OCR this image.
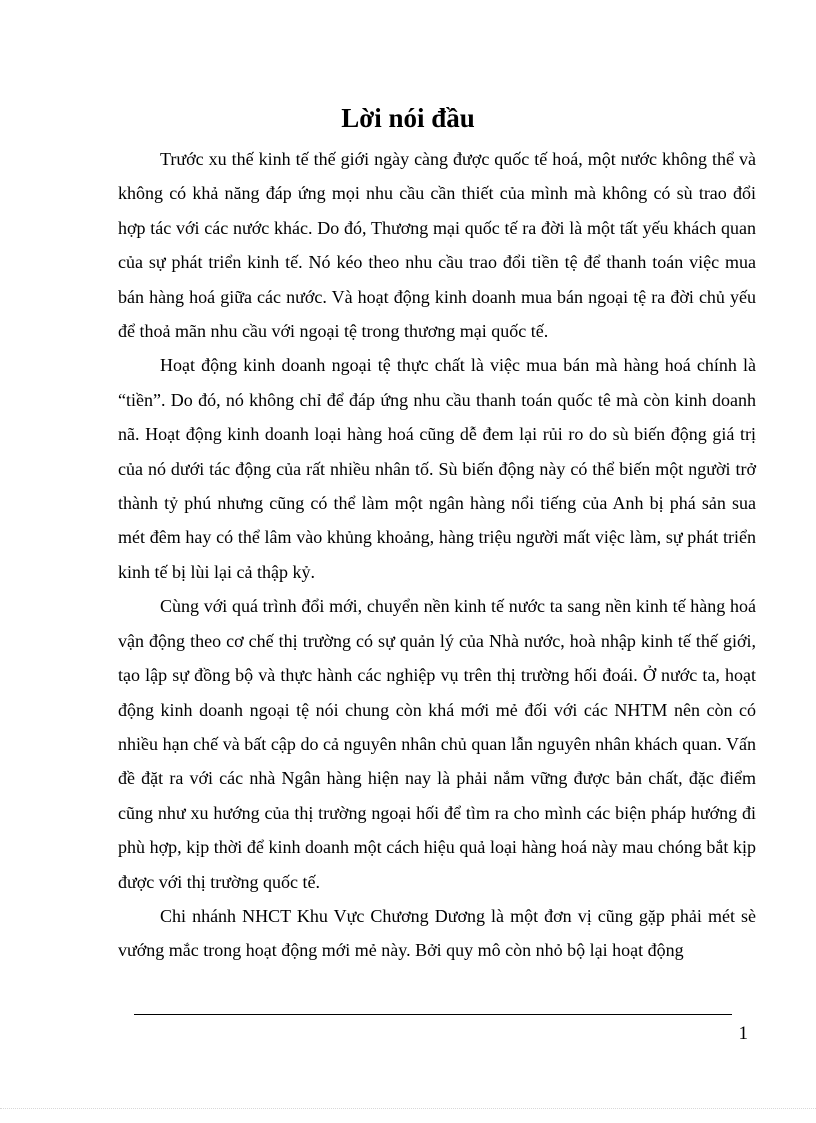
Lời nói đầu

Trước xu thế kinh tế thế giới ngày càng được quốc tế hoá, một nước không thể và không có khả năng đáp ứng mọi nhu cầu cần thiết của mình mà không có sù trao đổi hợp tác với các nước khác. Do đó, Thương mại quốc tế ra đời là một tất yếu khách quan của sự phát triển kinh tế. Nó kéo theo nhu cầu trao đổi tiền tệ để thanh toán việc mua bán hàng hoá giữa các nước. Và hoạt động kinh doanh mua bán ngoại tệ ra đời chủ yếu để thoả mãn nhu cầu với ngoại tệ trong thương mại quốc tế.

Hoạt động kinh doanh ngoại tệ thực chất là việc mua bán mà hàng hoá chính là “tiền”. Do đó, nó không chỉ để đáp ứng nhu cầu thanh toán quốc tê mà còn kinh doanh nã. Hoạt động kinh doanh loại hàng hoá cũng dễ đem lại rủi ro do sù biến động giá trị của nó dưới tác động của rất nhiều nhân tố. Sù biến động này có thể biến một người trở thành tỷ phú nhưng cũng có thể làm một ngân hàng nổi tiếng của Anh bị phá sản sua mét đêm hay có thể lâm vào khủng khoảng, hàng triệu người mất việc làm, sự phát triển kinh tế bị lùi lại cả thập kỷ.

Cùng với quá trình đổi mới, chuyển nền kinh tế nước ta sang nền kinh tế hàng hoá vận động theo cơ chế thị trường có sự quản lý của Nhà nước, hoà nhập kinh tế thế giới, tạo lập sự đồng bộ và thực hành các nghiệp vụ trên thị trường hối đoái. Ở nước ta, hoạt động kinh doanh ngoại tệ nói chung còn khá mới mẻ đối với các NHTM nên còn có nhiều hạn chế và bất cập do cả nguyên nhân chủ quan lẫn nguyên nhân khách quan. Vấn đề đặt ra với các nhà Ngân hàng hiện nay là phải nắm vững được bản chất, đặc điểm cũng như xu hướng của thị trường ngoại hối để tìm ra cho mình các biện pháp hướng đi phù hợp, kịp thời để kinh doanh một cách hiệu quả loại hàng hoá này mau chóng bắt kịp được với thị trường quốc tế.

Chi nhánh NHCT Khu Vực Chương Dương là một đơn vị cũng gặp phải mét sè vướng mắc trong hoạt động mới mẻ này. Bởi quy mô còn nhỏ bộ lại hoạt động

1
